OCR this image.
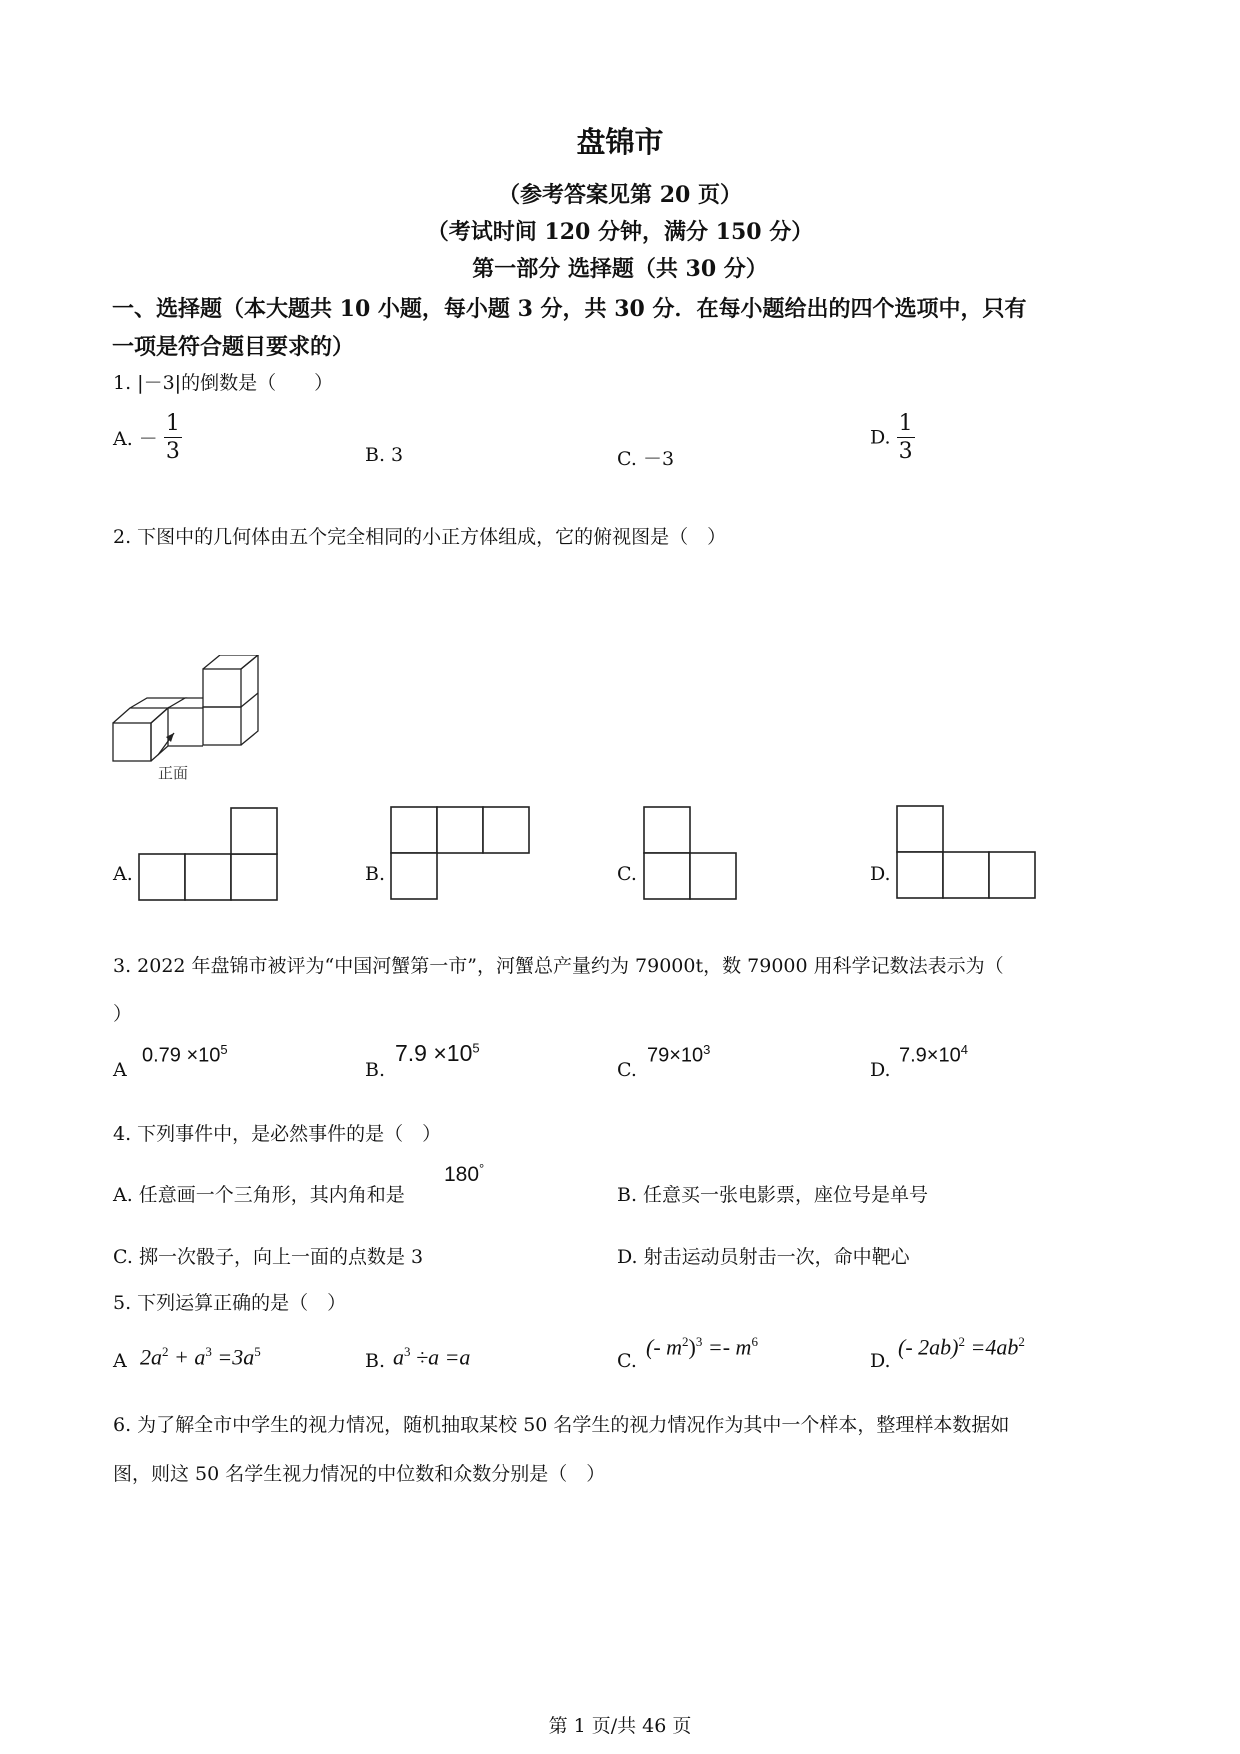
盘锦市
（参考答案见第 20 页）
（考试时间 120 分钟，满分 150 分）
第一部分 选择题（共 30 分）
一、选择题（本大题共 10 小题，每小题 3 分，共 30 分．在每小题给出的四个选项中，只有
一项是符合题目要求的）
1. |－3|的倒数是（　　）
A. － $\frac{1}{3}$	B. 3	C. －3
D. $\frac{1}{3}$
2. 下图中的几何体由五个完全相同的小正方体组成，它的俯视图是（　）
正面
A.	B.	C.	D.
3. 2022 年盘锦市被评为“中国河蟹第一市”，河蟹总产量约为 79000t，数 79000 用科学记数法表示为（
）
A
$0.79 \times 10^5$
B.
$7.9 \times 10^5$
C.
$79\times 10^3$
D.
$7.9\times 10^4$
4. 下列事件中，是必然事件的是（　）
A. 任意画一个三角形，其内角和是
180°
B. 任意买一张电影票，座位号是单号
C. 掷一次骰子，向上一面的点数是 3	D. 射击运动员射击一次，命中靶心
5. 下列运算正确的是（　）
A $2a^2 + a^3 =3a^5$	B. $a^3 \div a =a$	C.
(- $m^2)^3 =- m^6$
D.
(- $2ab)^2 =4ab^2$
6. 为了解全市中学生的视力情况，随机抽取某校 50 名学生的视力情况作为其中一个样本，整理样本数据如
图，则这 50 名学生视力情况的中位数和众数分别是（　）
第 1 页/共 46 页
